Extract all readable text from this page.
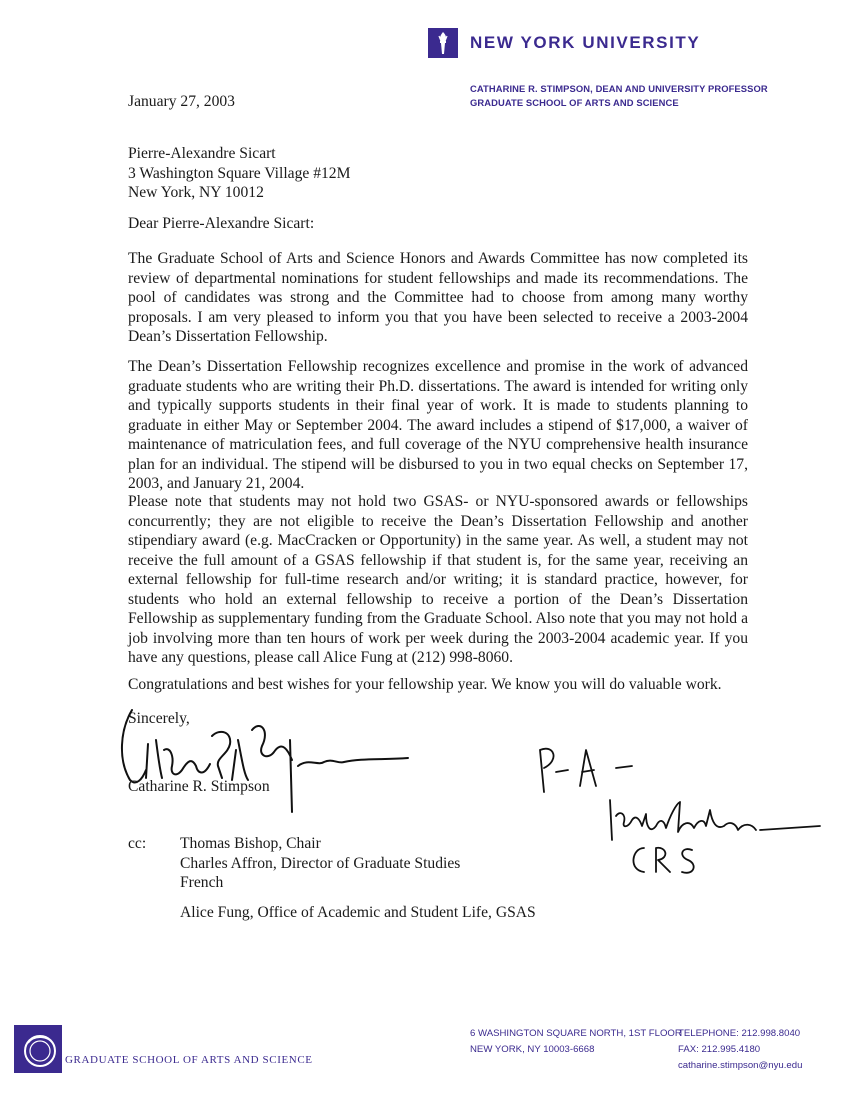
NEW YORK UNIVERSITY
CATHARINE R. STIMPSON, DEAN AND UNIVERSITY PROFESSOR
GRADUATE SCHOOL OF ARTS AND SCIENCE
January 27, 2003
Pierre-Alexandre Sicart
3 Washington Square Village #12M
New York, NY 10012
Dear Pierre-Alexandre Sicart:
The Graduate School of Arts and Science Honors and Awards Committee has now completed its review of departmental nominations for student fellowships and made its recommendations. The pool of candidates was strong and the Committee had to choose from among many worthy proposals. I am very pleased to inform you that you have been selected to receive a 2003-2004 Dean’s Dissertation Fellowship.
The Dean’s Dissertation Fellowship recognizes excellence and promise in the work of advanced graduate students who are writing their Ph.D. dissertations. The award is intended for writing only and typically supports students in their final year of work. It is made to students planning to graduate in either May or September 2004. The award includes a stipend of $17,000, a waiver of maintenance of matriculation fees, and full coverage of the NYU comprehensive health insurance plan for an individual. The stipend will be disbursed to you in two equal checks on September 17, 2003, and January 21, 2004.
Please note that students may not hold two GSAS- or NYU-sponsored awards or fellowships concurrently; they are not eligible to receive the Dean’s Dissertation Fellowship and another stipendiary award (e.g. MacCracken or Opportunity) in the same year. As well, a student may not receive the full amount of a GSAS fellowship if that student is, for the same year, receiving an external fellowship for full-time research and/or writing; it is standard practice, however, for students who hold an external fellowship to receive a portion of the Dean’s Dissertation Fellowship as supplementary funding from the Graduate School. Also note that you may not hold a job involving more than ten hours of work per week during the 2003-2004 academic year. If you have any questions, please call Alice Fung at (212) 998-8060.
Congratulations and best wishes for your fellowship year. We know you will do valuable work.
Sincerely,
Catharine R. Stimpson
cc: Thomas Bishop, Chair
Charles Affron, Director of Graduate Studies
French
Alice Fung, Office of Academic and Student Life, GSAS
GRADUATE SCHOOL OF ARTS AND SCIENCE
6 WASHINGTON SQUARE NORTH, 1ST FLOOR
NEW YORK, NY 10003-6668
TELEPHONE: 212.998.8040
FAX: 212.995.4180
catharine.stimpson@nyu.edu
